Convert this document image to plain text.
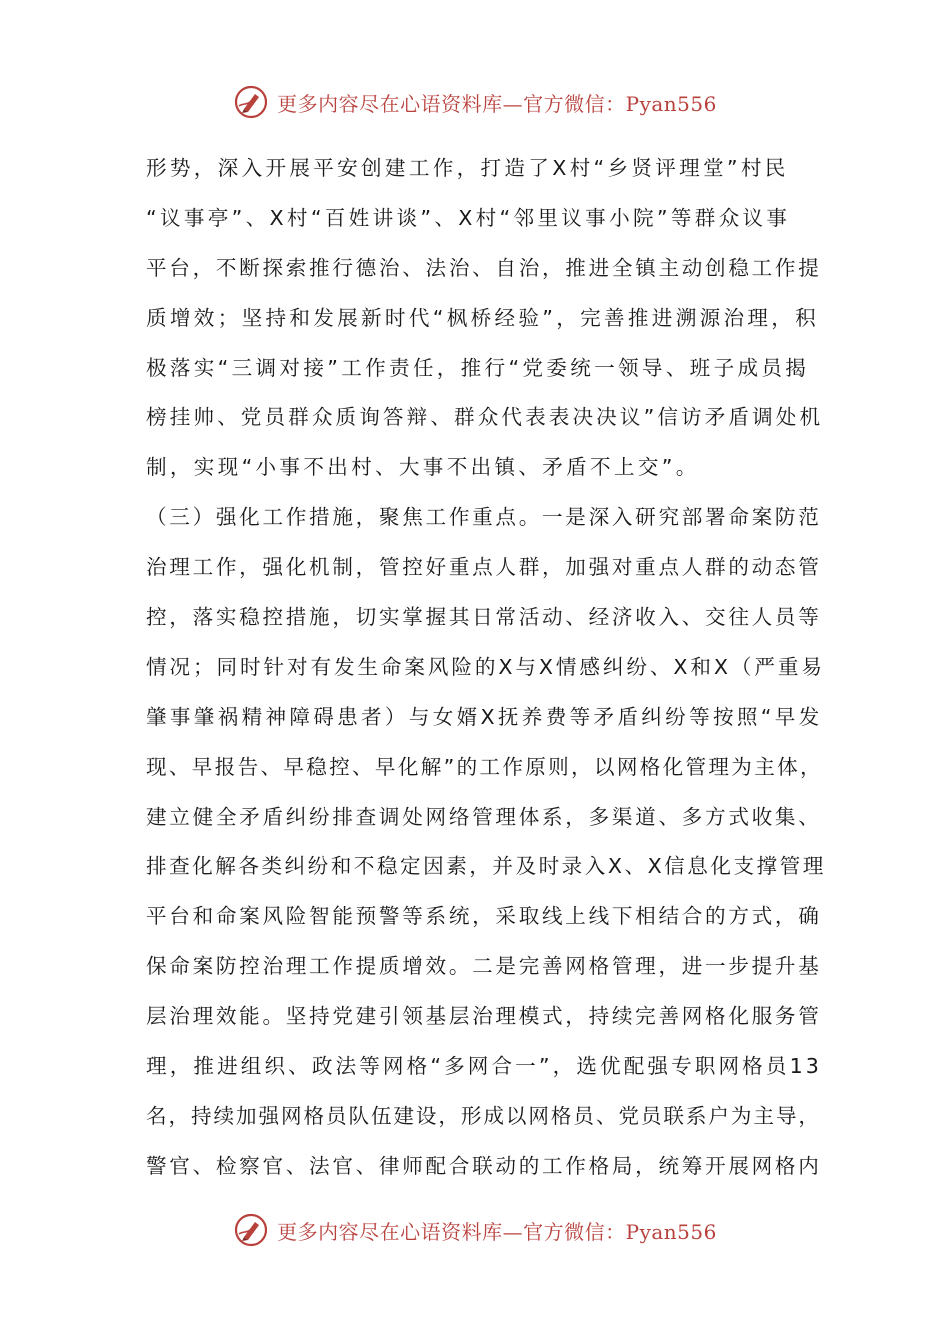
更多内容尽在心语资料库—官方微信：Pyan556
形势，深入开展平安创建工作，打造了X村“乡贤评理堂”村民
“议事亭”、X村“百姓讲谈”、X村“邻里议事小院”等群众议事
平台，不断探索推行德治、法治、自治，推进全镇主动创稳工作提
质增效；坚持和发展新时代“枫桥经验”，完善推进溯源治理，积
极落实“三调对接”工作责任，推行“党委统一领导、班子成员揭
榜挂帅、党员群众质询答辩、群众代表表决决议”信访矛盾调处机
制，实现“小事不出村、大事不出镇、矛盾不上交”。
（三）强化工作措施，聚焦工作重点。一是深入研究部署命案防范
治理工作，强化机制，管控好重点人群，加强对重点人群的动态管
控，落实稳控措施，切实掌握其日常活动、经济收入、交往人员等
情况；同时针对有发生命案风险的X与X情感纠纷、X和X（严重易
肇事肇祸精神障碍患者）与女婿X抚养费等矛盾纠纷等按照“早发
现、早报告、早稳控、早化解”的工作原则，以网格化管理为主体，
建立健全矛盾纠纷排查调处网络管理体系，多渠道、多方式收集、
排查化解各类纠纷和不稳定因素，并及时录入X、X信息化支撑管理
平台和命案风险智能预警等系统，采取线上线下相结合的方式，确
保命案防控治理工作提质增效。二是完善网格管理，进一步提升基
层治理效能。坚持党建引领基层治理模式，持续完善网格化服务管
理，推进组织、政法等网格“多网合一”，选优配强专职网格员13
名，持续加强网格员队伍建设，形成以网格员、党员联系户为主导，
警官、检察官、法官、律师配合联动的工作格局，统筹开展网格内
更多内容尽在心语资料库—官方微信：Pyan556
